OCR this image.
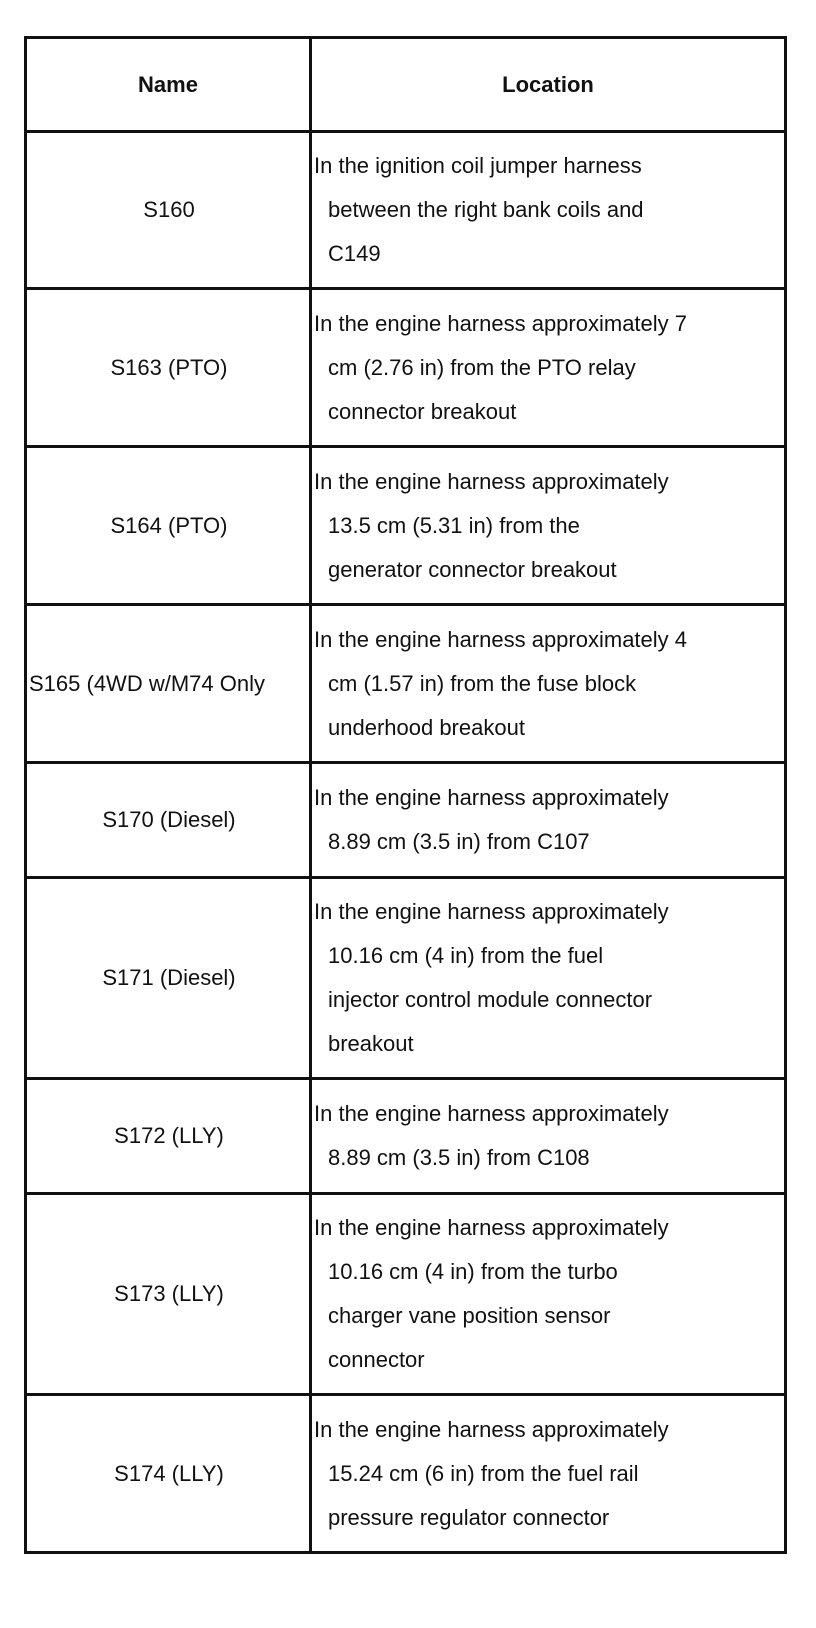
Name	Location
S160	In the ignition coil jumper harness
between the right bank coils and
C149

S163 (PTO)	In the engine harness approximately 7
cm (2.76 in) from the PTO relay
connector breakout

S164 (PTO)	In the engine harness approximately
13.5 cm (5.31 in) from the
generator connector breakout

S165 (4WD w/M74 Only	In the engine harness approximately 4
cm (1.57 in) from the fuse block
underhood breakout

S170 (Diesel)	In the engine harness approximately
8.89 cm (3.5 in) from C107

S171 (Diesel)	In the engine harness approximately
10.16 cm (4 in) from the fuel
injector control module connector
breakout

S172 (LLY)	In the engine harness approximately
8.89 cm (3.5 in) from C108

S173 (LLY)	In the engine harness approximately
10.16 cm (4 in) from the turbo
charger vane position sensor
connector

S174 (LLY)	In the engine harness approximately
15.24 cm (6 in) from the fuel rail
pressure regulator connector
